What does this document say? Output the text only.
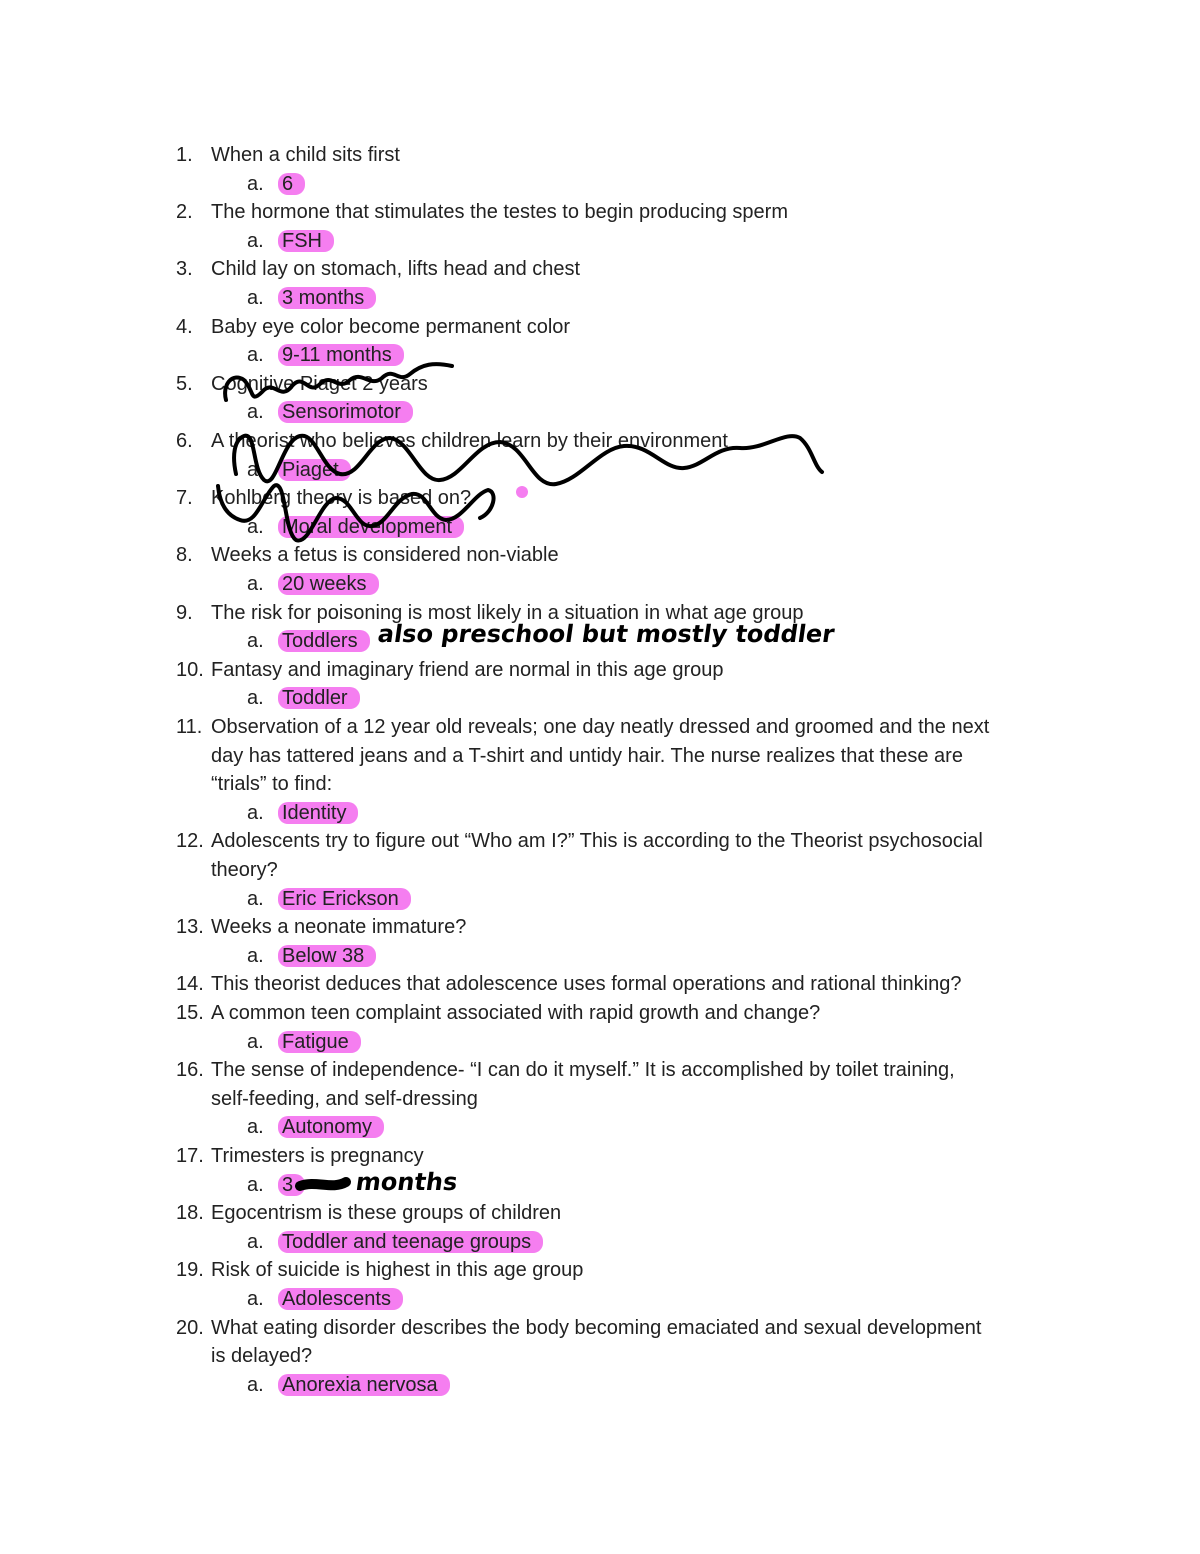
1. When a child sits first
a. 6
2. The hormone that stimulates the testes to begin producing sperm
a. FSH
3. Child lay on stomach, lifts head and chest
a. 3 months
4. Baby eye color become permanent color
a. 9-11 months
5. Cognitive Piaget 2 years
a. Sensorimotor
6. A theorist who believes children learn by their environment
a. Piaget
7. Kohlberg theory is based on?
a. Moral development
8. Weeks a fetus is considered non-viable
a. 20 weeks
9. The risk for poisoning is most likely in a situation in what age group
a. Toddlers
10. Fantasy and imaginary friend are normal in this age group
a. Toddler
11. Observation of a 12 year old reveals; one day neatly dressed and groomed and the next
day has tattered jeans and a T-shirt and untidy hair. The nurse realizes that these are
“trials” to find:
a. Identity
12. Adolescents try to figure out “Who am I?” This is according to the Theorist psychosocial
theory?
a. Eric Erickson
13. Weeks a neonate immature?
a. Below 38
14. This theorist deduces that adolescence uses formal operations and rational thinking?
15. A common teen complaint associated with rapid growth and change?
a. Fatigue
16. The sense of independence- “I can do it myself.” It is accomplished by toilet training,
self-feeding, and self-dressing
a. Autonomy
17. Trimesters is pregnancy
a. 3
18. Egocentrism is these groups of children
a. Toddler and teenage groups
19. Risk of suicide is highest in this age group
a. Adolescents
20. What eating disorder describes the body becoming emaciated and sexual development
is delayed?
a. Anorexia nervosa
also preschool but mostly toddler
months
